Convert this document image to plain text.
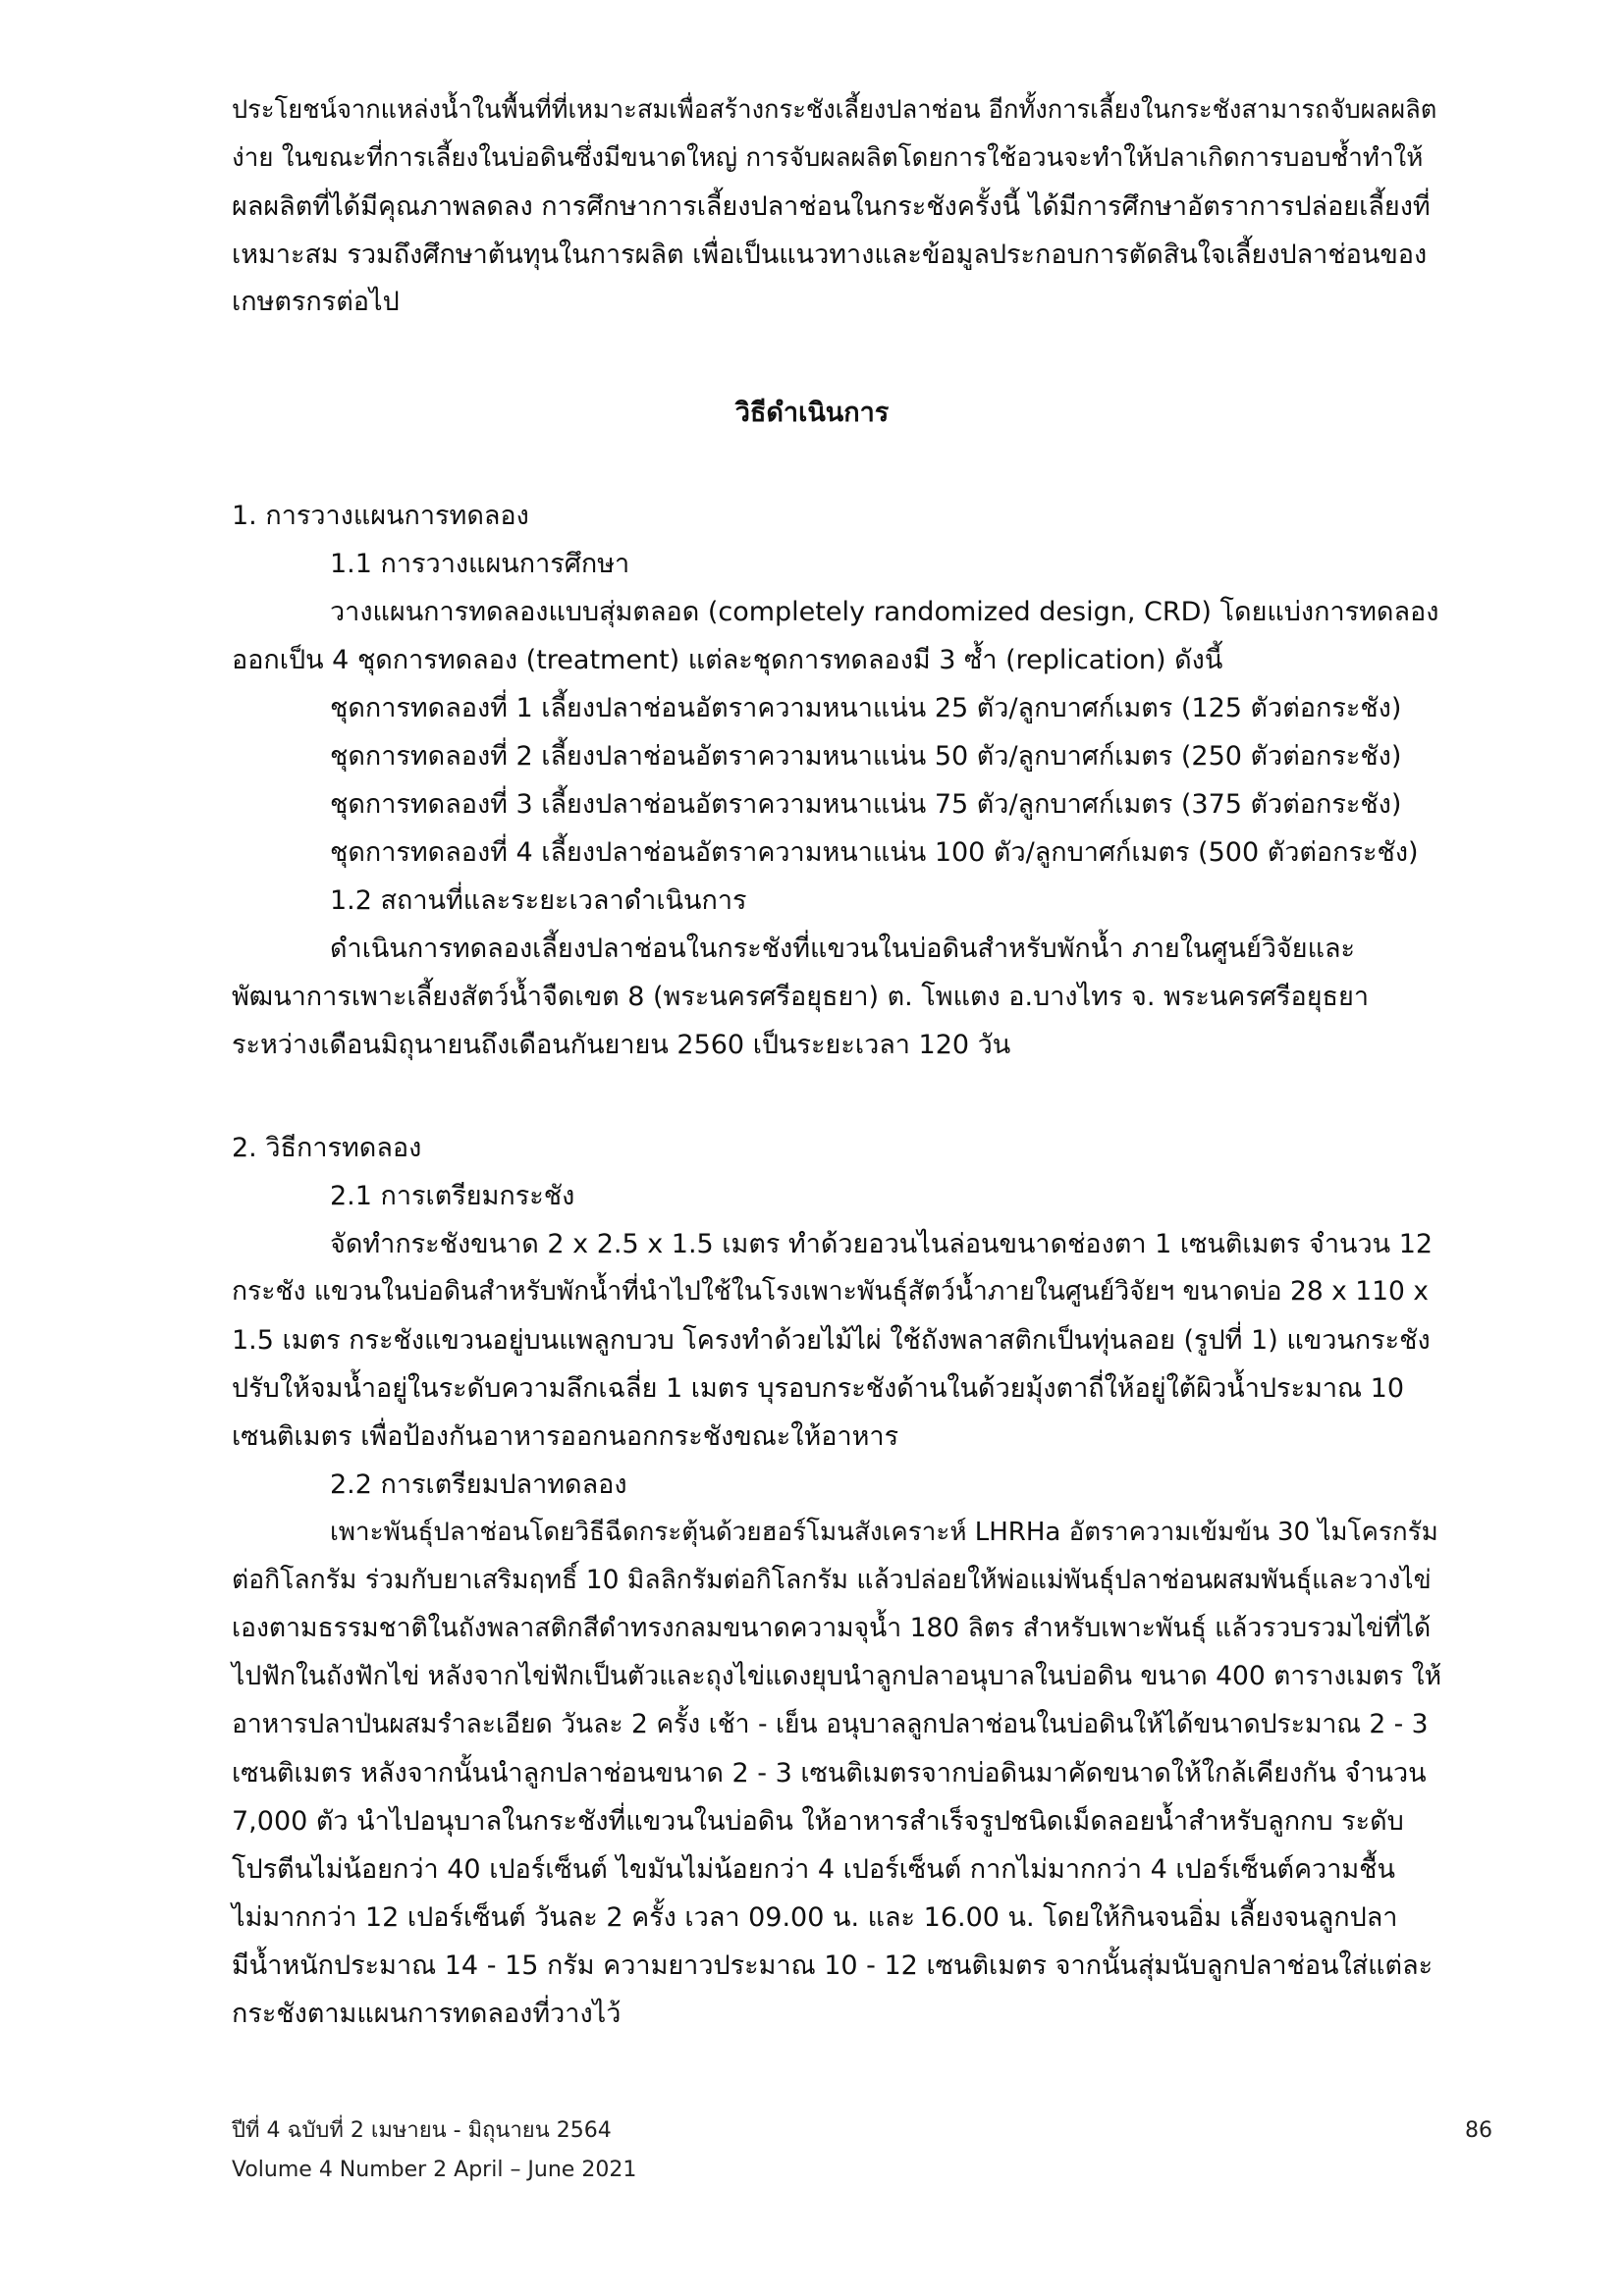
ประโยชน์จากแหล่งน้ำในพื้นที่ที่เหมาะสมเพื่อสร้างกระชังเลี้ยงปลาช่อน อีกทั้งการเลี้ยงในกระชังสามารถจับผลผลิต
ง่าย ในขณะที่การเลี้ยงในบ่อดินซึ่งมีขนาดใหญ่ การจับผลผลิตโดยการใช้อวนจะทำให้ปลาเกิดการบอบช้ำทำให้
ผลผลิตที่ได้มีคุณภาพลดลง การศึกษาการเลี้ยงปลาช่อนในกระชังครั้งนี้ ได้มีการศึกษาอัตราการปล่อยเลี้ยงที่
เหมาะสม รวมถึงศึกษาต้นทุนในการผลิต เพื่อเป็นแนวทางและข้อมูลประกอบการตัดสินใจเลี้ยงปลาช่อนของ
เกษตรกรต่อไป
วิธีดำเนินการ
1. การวางแผนการทดลอง
1.1 การวางแผนการศึกษา
วางแผนการทดลองแบบสุ่มตลอด (completely randomized design, CRD) โดยแบ่งการทดลอง
ออกเป็น 4 ชุดการทดลอง (treatment) แต่ละชุดการทดลองมี 3 ซ้ำ (replication) ดังนี้
ชุดการทดลองที่ 1 เลี้ยงปลาช่อนอัตราความหนาแน่น 25 ตัว/ลูกบาศก์เมตร (125 ตัวต่อกระชัง)
ชุดการทดลองที่ 2 เลี้ยงปลาช่อนอัตราความหนาแน่น 50 ตัว/ลูกบาศก์เมตร (250 ตัวต่อกระชัง)
ชุดการทดลองที่ 3 เลี้ยงปลาช่อนอัตราความหนาแน่น 75 ตัว/ลูกบาศก์เมตร (375 ตัวต่อกระชัง)
ชุดการทดลองที่ 4 เลี้ยงปลาช่อนอัตราความหนาแน่น 100 ตัว/ลูกบาศก์เมตร (500 ตัวต่อกระชัง)
1.2 สถานที่และระยะเวลาดำเนินการ
ดำเนินการทดลองเลี้ยงปลาช่อนในกระชังที่แขวนในบ่อดินสำหรับพักน้ำ ภายในศูนย์วิจัยและ
พัฒนาการเพาะเลี้ยงสัตว์น้ำจืดเขต 8 (พระนครศรีอยุธยา) ต. โพแตง อ.บางไทร จ. พระนครศรีอยุธยา
ระหว่างเดือนมิถุนายนถึงเดือนกันยายน 2560 เป็นระยะเวลา 120 วัน
2. วิธีการทดลอง
2.1 การเตรียมกระชัง
จัดทำกระชังขนาด 2 x 2.5 x 1.5 เมตร ทำด้วยอวนไนล่อนขนาดช่องตา 1 เซนติเมตร จำนวน 12
กระชัง แขวนในบ่อดินสำหรับพักน้ำที่นำไปใช้ในโรงเพาะพันธุ์สัตว์น้ำภายในศูนย์วิจัยฯ ขนาดบ่อ 28 x 110 x
1.5 เมตร กระชังแขวนอยู่บนแพลูกบวบ โครงทำด้วยไม้ไผ่ ใช้ถังพลาสติกเป็นทุ่นลอย (รูปที่ 1) แขวนกระชัง
ปรับให้จมน้ำอยู่ในระดับความลึกเฉลี่ย 1 เมตร บุรอบกระชังด้านในด้วยมุ้งตาถี่ให้อยู่ใต้ผิวน้ำประมาณ 10
เซนติเมตร เพื่อป้องกันอาหารออกนอกกระชังขณะให้อาหาร
2.2 การเตรียมปลาทดลอง
เพาะพันธุ์ปลาช่อนโดยวิธีฉีดกระตุ้นด้วยฮอร์โมนสังเคราะห์ LHRHa อัตราความเข้มข้น 30 ไมโครกรัม
ต่อกิโลกรัม ร่วมกับยาเสริมฤทธิ์ 10 มิลลิกรัมต่อกิโลกรัม แล้วปล่อยให้พ่อแม่พันธุ์ปลาช่อนผสมพันธุ์และวางไข่
เองตามธรรมชาติในถังพลาสติกสีดำทรงกลมขนาดความจุน้ำ 180 ลิตร สำหรับเพาะพันธุ์ แล้วรวบรวมไข่ที่ได้
ไปฟักในถังฟักไข่ หลังจากไข่ฟักเป็นตัวและถุงไข่แดงยุบนำลูกปลาอนุบาลในบ่อดิน ขนาด 400 ตารางเมตร ให้
อาหารปลาป่นผสมรำละเอียด วันละ 2 ครั้ง เช้า - เย็น อนุบาลลูกปลาช่อนในบ่อดินให้ได้ขนาดประมาณ 2 - 3
เซนติเมตร หลังจากนั้นนำลูกปลาช่อนขนาด 2 - 3 เซนติเมตรจากบ่อดินมาคัดขนาดให้ใกล้เคียงกัน จำนวน
7,000 ตัว นำไปอนุบาลในกระชังที่แขวนในบ่อดิน ให้อาหารสำเร็จรูปชนิดเม็ดลอยน้ำสำหรับลูกกบ ระดับ
โปรตีนไม่น้อยกว่า 40 เปอร์เซ็นต์ ไขมันไม่น้อยกว่า 4 เปอร์เซ็นต์ กากไม่มากกว่า 4 เปอร์เซ็นต์ความชื้น
ไม่มากกว่า 12 เปอร์เซ็นต์ วันละ 2 ครั้ง เวลา 09.00 น. และ 16.00 น. โดยให้กินจนอิ่ม เลี้ยงจนลูกปลา
มีน้ำหนักประมาณ 14 - 15 กรัม ความยาวประมาณ 10 - 12 เซนติเมตร จากนั้นสุ่มนับลูกปลาช่อนใส่แต่ละ
กระชังตามแผนการทดลองที่วางไว้
ปีที่ 4 ฉบับที่ 2 เมษายน - มิถุนายน 2564
Volume 4 Number 2 April – June 2021
86
